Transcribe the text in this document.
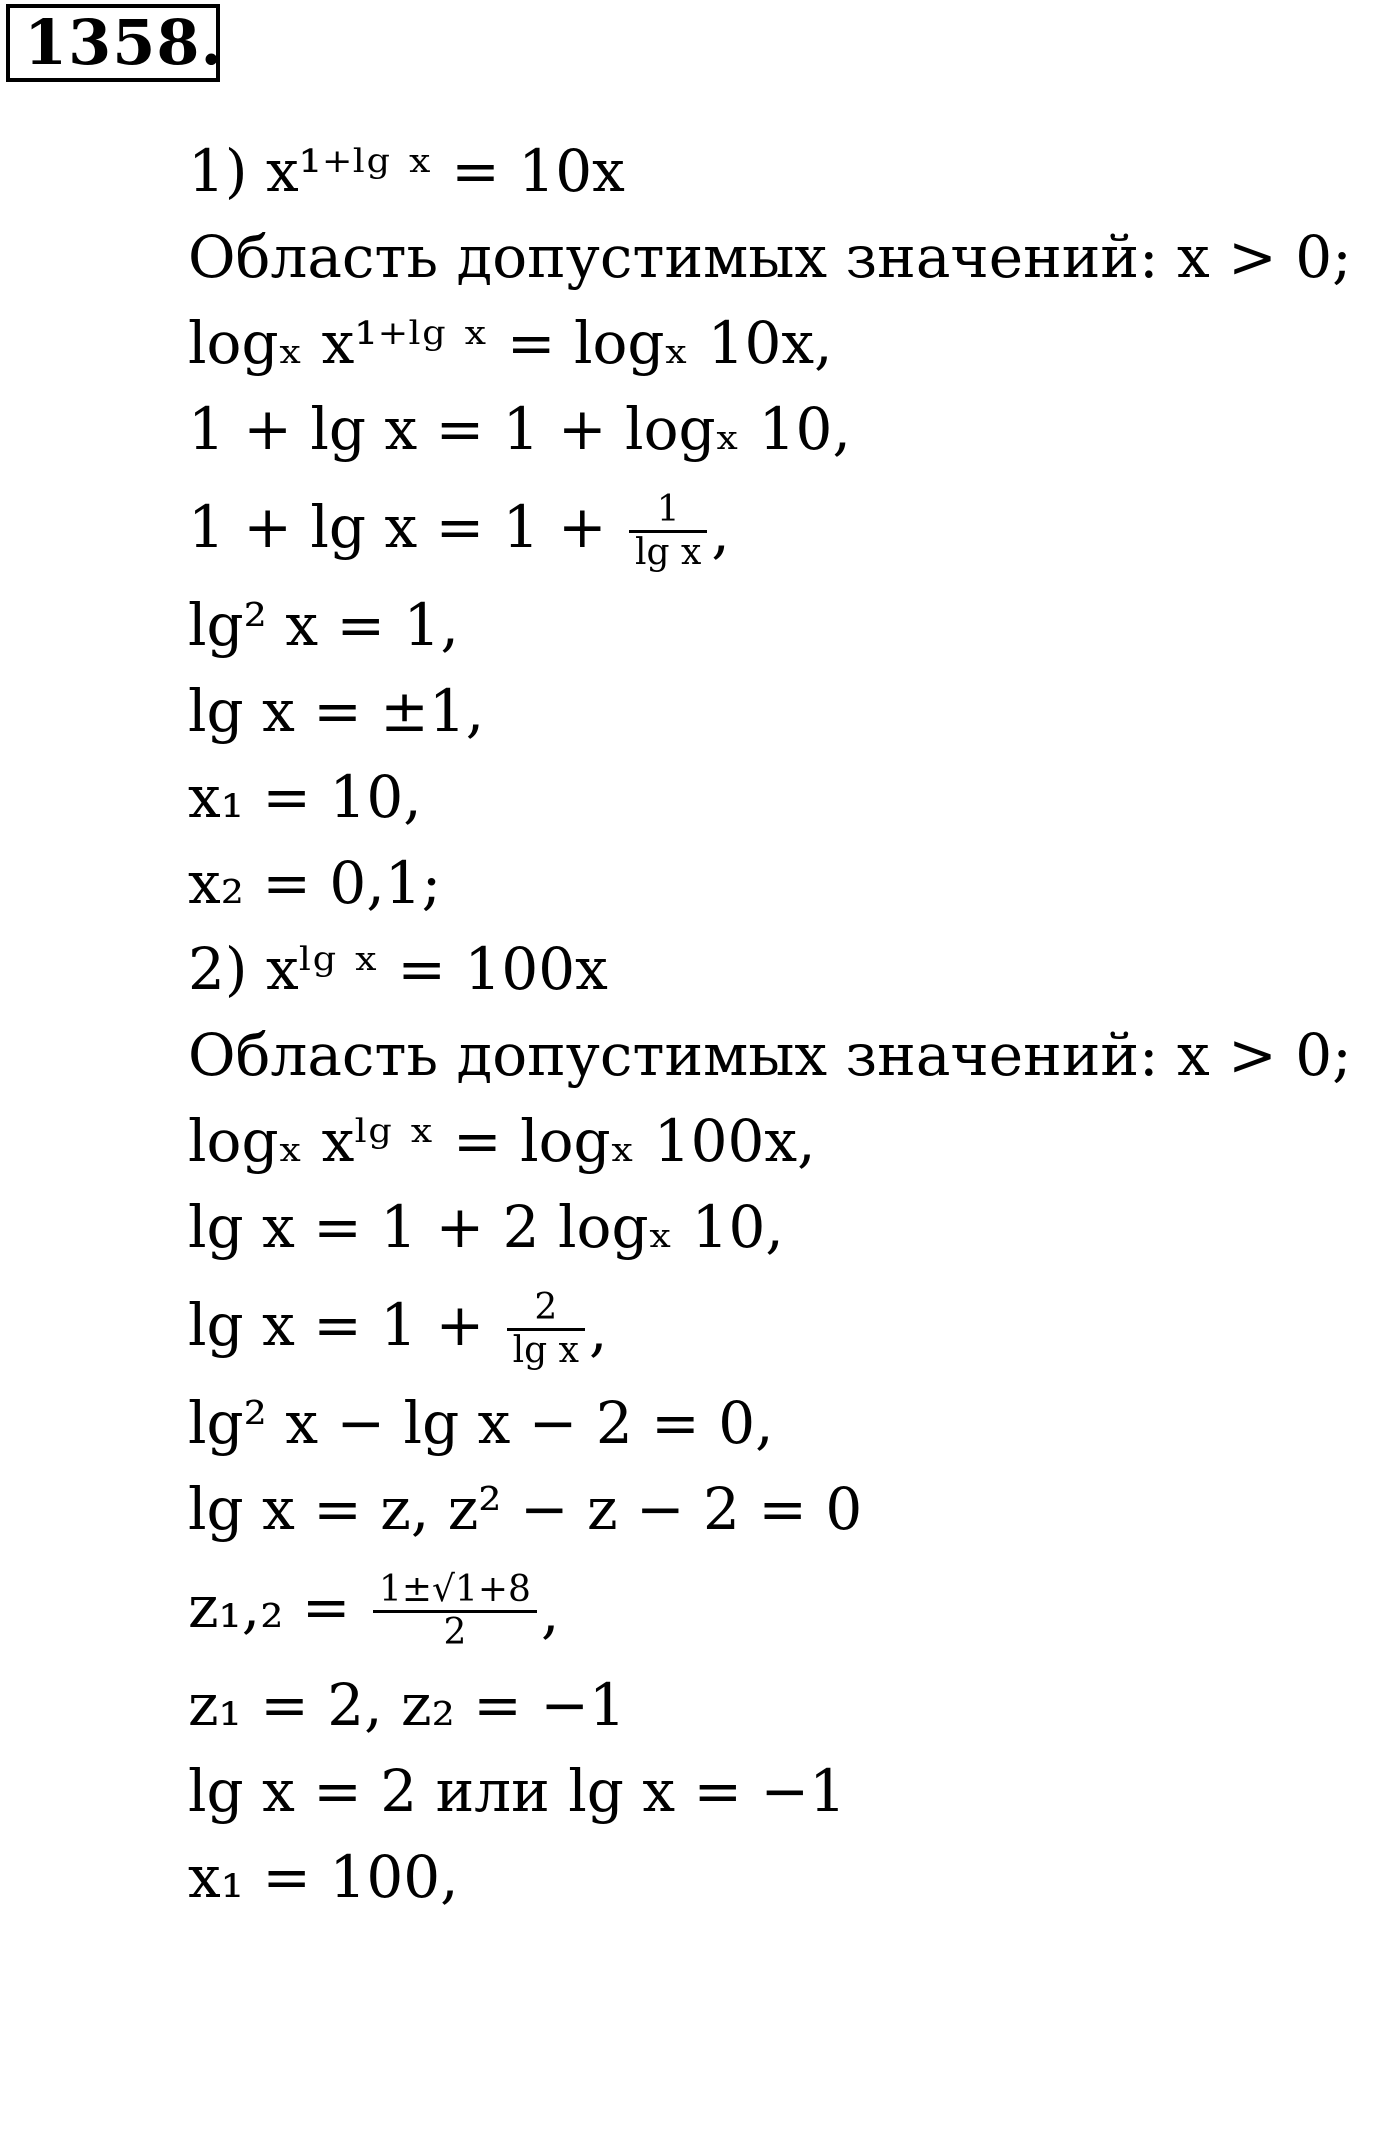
1358.
1) x¹⁺ˡᵍ ˣ = 10x
Область допустимых значений: x > 0;
logₓ x¹⁺ˡᵍ ˣ = logₓ 10x,
1 + lg x = 1 + logₓ 10,
$1 + \lg x = 1 + \frac{1}{\text{lg x}}$ ,
lg² x = 1,
lg x = ±1,
x₁ = 10,
x₂ = 0,1;
2) xˡᵍ ˣ = 100x
Область допустимых значений: x > 0;
logₓ xˡᵍ ˣ = logₓ 100x,
lg x = 1 + 2 logₓ 10,
$\lg x = 1 + \frac{2}{\text{lg x}}$ ,
lg² x − lg x − 2 = 0,
lg x = z, z² − z − 2 = 0
$z_1,_2 = \frac{1\pm√1+8}{2}$ ,
z₁ = 2, z₂ = −1
lg x = 2 или lg x = −1
x₁ = 100,
